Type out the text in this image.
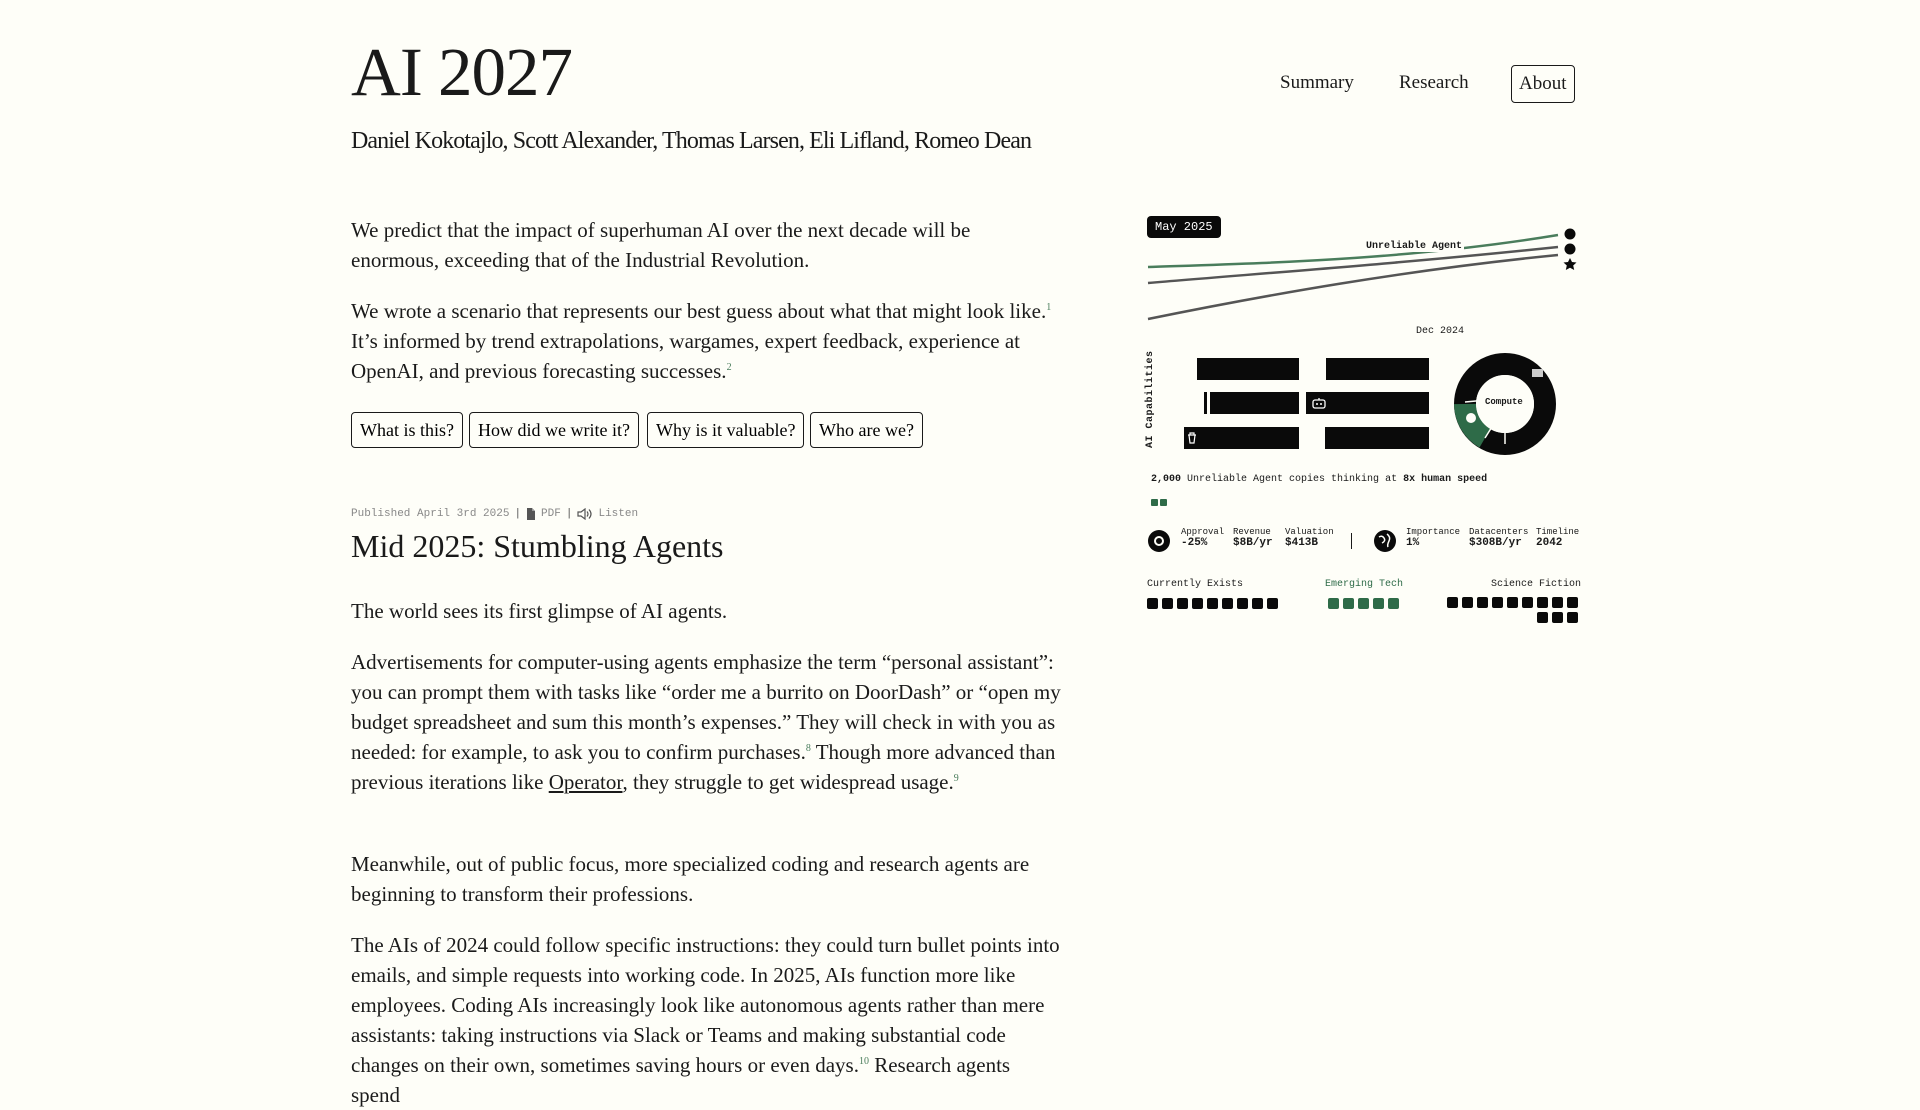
AI 2027
Daniel Kokotajlo, Scott Alexander, Thomas Larsen, Eli Lifland, Romeo Dean
Summary	Research	About

We predict that the impact of superhuman AI over the next decade will be enormous, exceeding that of the Industrial Revolution.

We wrote a scenario that represents our best guess about what that might look like.$^1$ It’s informed by trend extrapolations, wargames, expert feedback, experience at OpenAI, and previous forecasting successes.$^2$

What is this?	How did we write it?	Why is it valuable?	Who are we?
Published April 3rd 2025 | PDF | Listen
Mid 2025: Stumbling Agents

The world sees its first glimpse of AI agents.

Advertisements for computer-using agents emphasize the term “personal assistant”: you can prompt them with tasks like “order me a burrito on DoorDash” or “open my budget spreadsheet and sum this month’s expenses.” They will check in with you as needed: for example, to ask you to confirm purchases.$^8$ Though more advanced than previous iterations like Operator, they struggle to get widespread usage.$^9$

Meanwhile, out of public focus, more specialized coding and research agents are beginning to transform their professions.

The AIs of 2024 could follow specific instructions: they could turn bullet points into emails, and simple requests into working code. In 2025, AIs function more like employees. Coding AIs increasingly look like autonomous agents rather than mere assistants: taking instructions via Slack or Teams and making substantial code changes on their own, sometimes saving hours or even days.$^{10}$ Research agents spend

May 2025
Unreliable Agent
Dec 2024
AI Capabilities	Compute
2,000 Unreliable Agent copies thinking at 8x human speed
Approval
-25%
Revenue
$8B/yr
Valuation
$413B
Importance
1%
Datacenters
$308B/yr
Timeline
2042
Currently Exists	Emerging Tech	Science Fiction
